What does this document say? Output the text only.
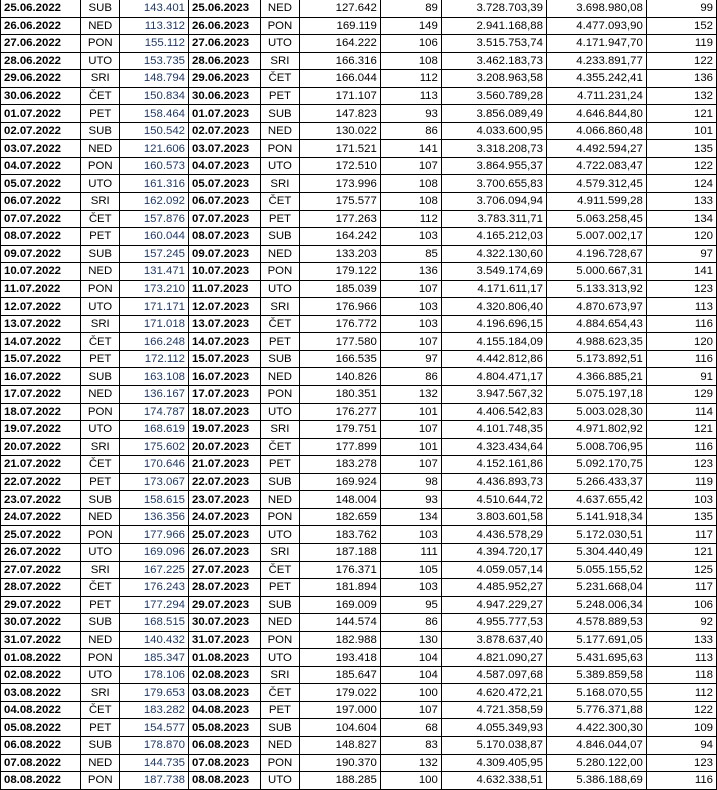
25.06.2022	SUB	143.401	25.06.2023	NED	127.642	89	3.728.703,39	3.698.980,08	99
26.06.2022	NED	113.312	26.06.2023	PON	169.119	149	2.941.168,88	4.477.093,90	152
27.06.2022	PON	155.112	27.06.2023	UTO	164.222	106	3.515.753,74	4.171.947,70	119
28.06.2022	UTO	153.735	28.06.2023	SRI	166.316	108	3.462.183,73	4.233.891,77	122
29.06.2022	SRI	148.794	29.06.2023	ČET	166.044	112	3.208.963,58	4.355.242,41	136
30.06.2022	ČET	150.834	30.06.2023	PET	171.107	113	3.560.789,28	4.711.231,24	132
01.07.2022	PET	158.464	01.07.2023	SUB	147.823	93	3.856.089,49	4.646.844,80	121
02.07.2022	SUB	150.542	02.07.2023	NED	130.022	86	4.033.600,95	4.066.860,48	101
03.07.2022	NED	121.606	03.07.2023	PON	171.521	141	3.318.208,73	4.492.594,27	135
04.07.2022	PON	160.573	04.07.2023	UTO	172.510	107	3.864.955,37	4.722.083,47	122
05.07.2022	UTO	161.316	05.07.2023	SRI	173.996	108	3.700.655,83	4.579.312,45	124
06.07.2022	SRI	162.092	06.07.2023	ČET	175.577	108	3.706.094,94	4.911.599,28	133
07.07.2022	ČET	157.876	07.07.2023	PET	177.263	112	3.783.311,71	5.063.258,45	134
08.07.2022	PET	160.044	08.07.2023	SUB	164.242	103	4.165.212,03	5.007.002,17	120
09.07.2022	SUB	157.245	09.07.2023	NED	133.203	85	4.322.130,60	4.196.728,67	97
10.07.2022	NED	131.471	10.07.2023	PON	179.122	136	3.549.174,69	5.000.667,31	141
11.07.2022	PON	173.210	11.07.2023	UTO	185.039	107	4.171.611,17	5.133.313,92	123
12.07.2022	UTO	171.171	12.07.2023	SRI	176.966	103	4.320.806,40	4.870.673,97	113
13.07.2022	SRI	171.018	13.07.2023	ČET	176.772	103	4.196.696,15	4.884.654,43	116
14.07.2022	ČET	166.248	14.07.2023	PET	177.580	107	4.155.184,09	4.988.623,35	120
15.07.2022	PET	172.112	15.07.2023	SUB	166.535	97	4.442.812,86	5.173.892,51	116
16.07.2022	SUB	163.108	16.07.2023	NED	140.826	86	4.804.471,17	4.366.885,21	91
17.07.2022	NED	136.167	17.07.2023	PON	180.351	132	3.947.567,32	5.075.197,18	129
18.07.2022	PON	174.787	18.07.2023	UTO	176.277	101	4.406.542,83	5.003.028,30	114
19.07.2022	UTO	168.619	19.07.2023	SRI	179.751	107	4.101.748,35	4.971.802,92	121
20.07.2022	SRI	175.602	20.07.2023	ČET	177.899	101	4.323.434,64	5.008.706,95	116
21.07.2022	ČET	170.646	21.07.2023	PET	183.278	107	4.152.161,86	5.092.170,75	123
22.07.2022	PET	173.067	22.07.2023	SUB	169.924	98	4.436.893,73	5.266.433,37	119
23.07.2022	SUB	158.615	23.07.2023	NED	148.004	93	4.510.644,72	4.637.655,42	103
24.07.2022	NED	136.356	24.07.2023	PON	182.659	134	3.803.601,58	5.141.918,34	135
25.07.2022	PON	177.966	25.07.2023	UTO	183.762	103	4.436.578,29	5.172.030,51	117
26.07.2022	UTO	169.096	26.07.2023	SRI	187.188	111	4.394.720,17	5.304.440,49	121
27.07.2022	SRI	167.225	27.07.2023	ČET	176.371	105	4.059.057,14	5.055.155,52	125
28.07.2022	ČET	176.243	28.07.2023	PET	181.894	103	4.485.952,27	5.231.668,04	117
29.07.2022	PET	177.294	29.07.2023	SUB	169.009	95	4.947.229,27	5.248.006,34	106
30.07.2022	SUB	168.515	30.07.2023	NED	144.574	86	4.955.777,53	4.578.889,53	92
31.07.2022	NED	140.432	31.07.2023	PON	182.988	130	3.878.637,40	5.177.691,05	133
01.08.2022	PON	185.347	01.08.2023	UTO	193.418	104	4.821.090,27	5.431.695,63	113
02.08.2022	UTO	178.106	02.08.2023	SRI	185.647	104	4.587.097,68	5.389.859,58	118
03.08.2022	SRI	179.653	03.08.2023	ČET	179.022	100	4.620.472,21	5.168.070,55	112
04.08.2022	ČET	183.282	04.08.2023	PET	197.000	107	4.721.358,59	5.776.371,88	122
05.08.2022	PET	154.577	05.08.2023	SUB	104.604	68	4.055.349,93	4.422.300,30	109
06.08.2022	SUB	178.870	06.08.2023	NED	148.827	83	5.170.038,87	4.846.044,07	94
07.08.2022	NED	144.735	07.08.2023	PON	190.370	132	4.309.405,95	5.280.122,00	123
08.08.2022	PON	187.738	08.08.2023	UTO	188.285	100	4.632.338,51	5.386.188,69	116
